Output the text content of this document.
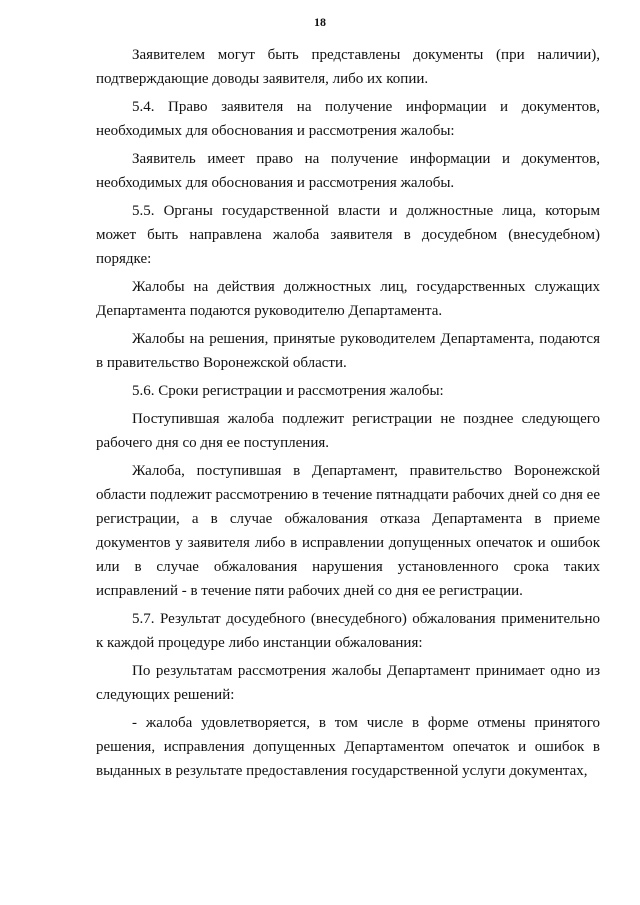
18

Заявителем могут быть представлены документы (при наличии), подтверждающие доводы заявителя, либо их копии.

5.4. Право заявителя на получение информации и документов, необходимых для обоснования и рассмотрения жалобы:

Заявитель имеет право на получение информации и документов, необходимых для обоснования и рассмотрения жалобы.

5.5. Органы государственной власти и должностные лица, которым может быть направлена жалоба заявителя в досудебном (внесудебном) порядке:

Жалобы на действия должностных лиц, государственных служащих Департамента подаются руководителю Департамента.

Жалобы на решения, принятые руководителем Департамента, подаются в правительство Воронежской области.

5.6. Сроки регистрации и рассмотрения жалобы:

Поступившая жалоба подлежит регистрации не позднее следующего рабочего дня со дня ее поступления.

Жалоба, поступившая в Департамент, правительство Воронежской области подлежит рассмотрению в течение пятнадцати рабочих дней со дня ее регистрации, а в случае обжалования отказа Департамента в приеме документов у заявителя либо в исправлении допущенных опечаток и ошибок или в случае обжалования нарушения установленного срока таких исправлений - в течение пяти рабочих дней со дня ее регистрации.

5.7. Результат досудебного (внесудебного) обжалования применительно к каждой процедуре либо инстанции обжалования:

По результатам рассмотрения жалобы Департамент принимает одно из следующих решений:

- жалоба удовлетворяется, в том числе в форме отмены принятого решения, исправления допущенных Департаментом опечаток и ошибок в выданных в результате предоставления государственной услуги документах,
